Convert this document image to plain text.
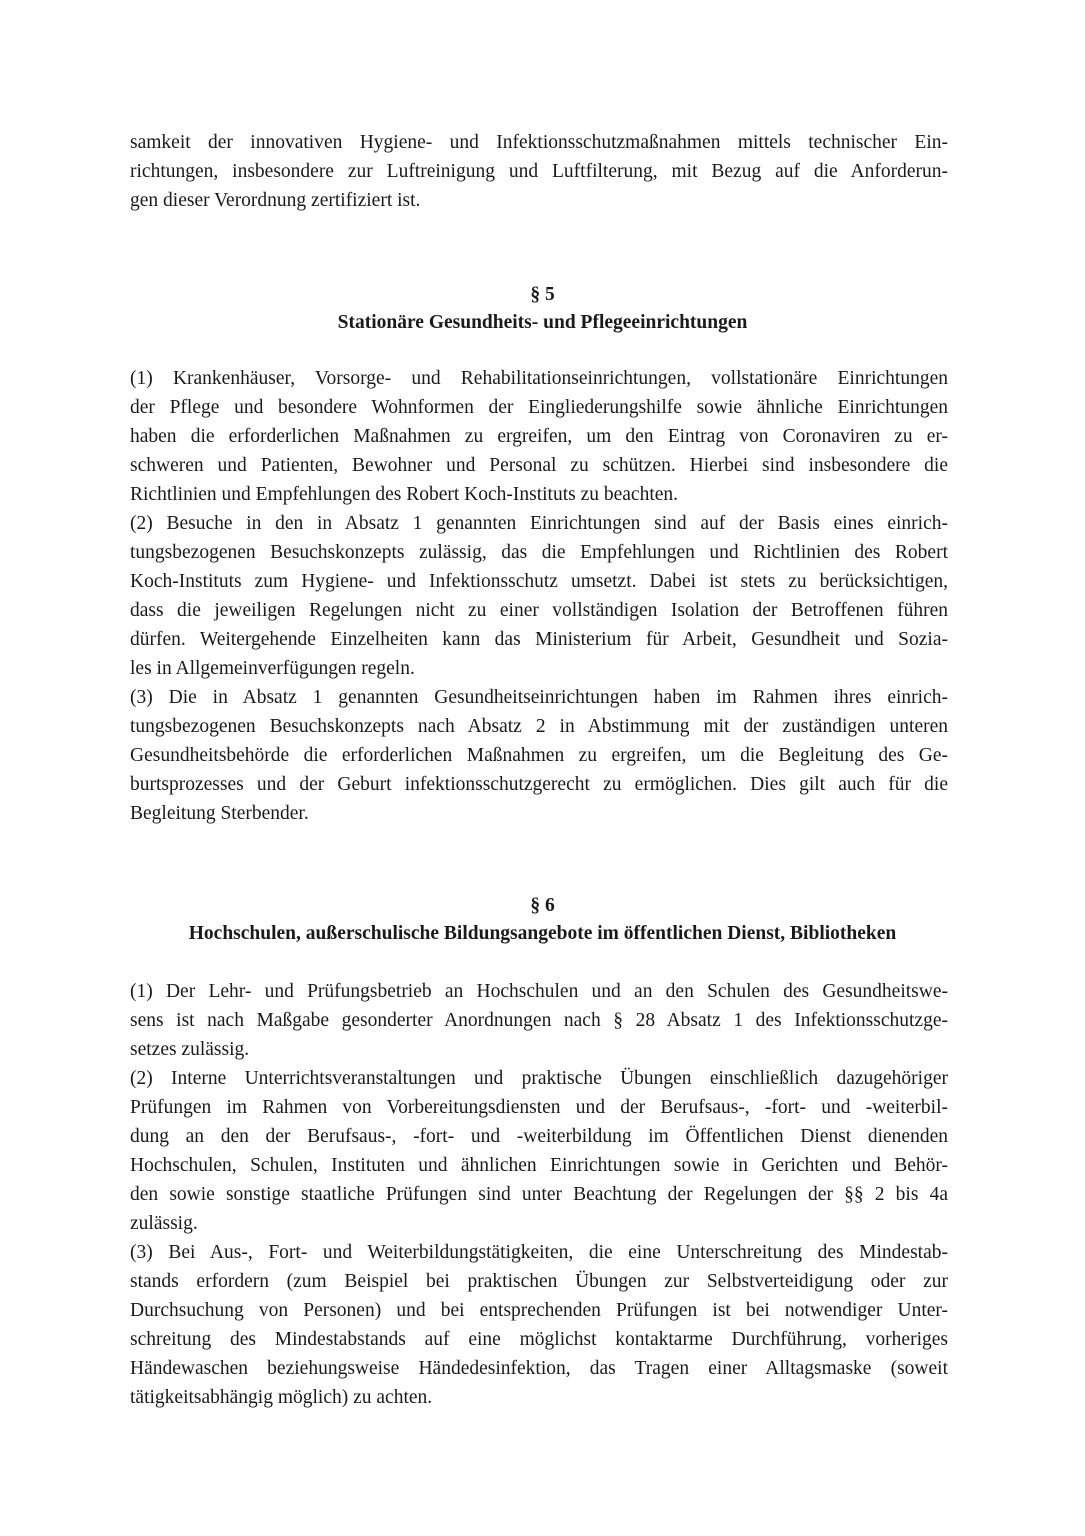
samkeit der innovativen Hygiene- und Infektionsschutzmaßnahmen mittels technischer Ein-
richtungen, insbesondere zur Luftreinigung und Luftfilterung, mit Bezug auf die Anforderun-
gen dieser Verordnung zertifiziert ist.
§ 5
Stationäre Gesundheits- und Pflegeeinrichtungen
(1) Krankenhäuser, Vorsorge- und Rehabilitationseinrichtungen, vollstationäre Einrichtungen
der Pflege und besondere Wohnformen der Eingliederungshilfe sowie ähnliche Einrichtungen
haben die erforderlichen Maßnahmen zu ergreifen, um den Eintrag von Coronaviren zu er-
schweren und Patienten, Bewohner und Personal zu schützen. Hierbei sind insbesondere die
Richtlinien und Empfehlungen des Robert Koch-Instituts zu beachten.
(2) Besuche in den in Absatz 1 genannten Einrichtungen sind auf der Basis eines einrich-
tungsbezogenen Besuchskonzepts zulässig, das die Empfehlungen und Richtlinien des Robert
Koch-Instituts zum Hygiene- und Infektionsschutz umsetzt. Dabei ist stets zu berücksichtigen,
dass die jeweiligen Regelungen nicht zu einer vollständigen Isolation der Betroffenen führen
dürfen. Weitergehende Einzelheiten kann das Ministerium für Arbeit, Gesundheit und Sozia-
les in Allgemeinverfügungen regeln.
(3) Die in Absatz 1 genannten Gesundheitseinrichtungen haben im Rahmen ihres einrich-
tungsbezogenen Besuchskonzepts nach Absatz 2 in Abstimmung mit der zuständigen unteren
Gesundheitsbehörde die erforderlichen Maßnahmen zu ergreifen, um die Begleitung des Ge-
burtsprozesses und der Geburt infektionsschutzgerecht zu ermöglichen. Dies gilt auch für die
Begleitung Sterbender.
§ 6
Hochschulen, außerschulische Bildungsangebote im öffentlichen Dienst, Bibliotheken
(1) Der Lehr- und Prüfungsbetrieb an Hochschulen und an den Schulen des Gesundheitswe-
sens ist nach Maßgabe gesonderter Anordnungen nach § 28 Absatz 1 des Infektionsschutzge-
setzes zulässig.
(2) Interne Unterrichtsveranstaltungen und praktische Übungen einschließlich dazugehöriger
Prüfungen im Rahmen von Vorbereitungsdiensten und der Berufsaus-, -fort- und -weiterbil-
dung an den der Berufsaus-, -fort- und -weiterbildung im Öffentlichen Dienst dienenden
Hochschulen, Schulen, Instituten und ähnlichen Einrichtungen sowie in Gerichten und Behör-
den sowie sonstige staatliche Prüfungen sind unter Beachtung der Regelungen der §§ 2 bis 4a
zulässig.
(3) Bei Aus-, Fort- und Weiterbildungstätigkeiten, die eine Unterschreitung des Mindestab-
stands erfordern (zum Beispiel bei praktischen Übungen zur Selbstverteidigung oder zur
Durchsuchung von Personen) und bei entsprechenden Prüfungen ist bei notwendiger Unter-
schreitung des Mindestabstands auf eine möglichst kontaktarme Durchführung, vorheriges
Händewaschen beziehungsweise Händedesinfektion, das Tragen einer Alltagsmaske (soweit
tätigkeitsabhängig möglich) zu achten.
